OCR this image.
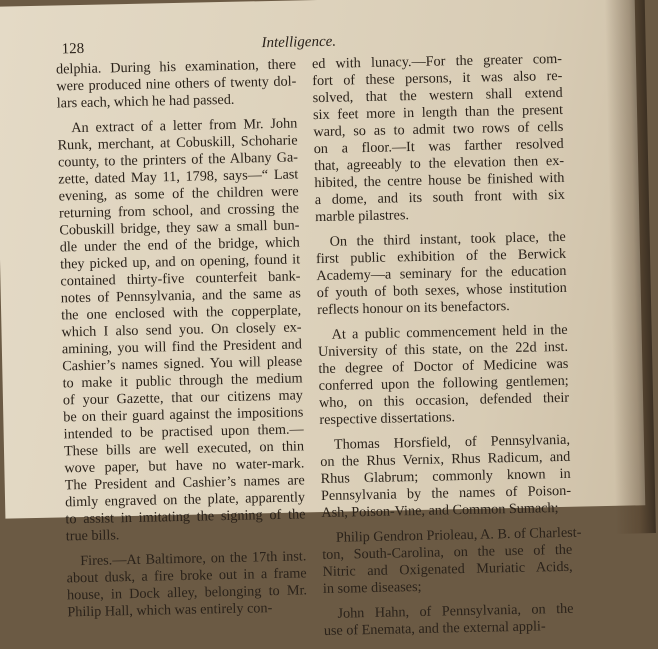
128	Intelligence.

delphia. During his examination, there
were produced nine others of twenty dol-
lars each, which he had passed.

An extract of a letter from Mr. John
Runk, merchant, at Cobuskill, Schoharie
county, to the printers of the Albany Ga-
zette, dated May 11, 1798, says—“ Last
evening, as some of the children were
returning from school, and crossing the
Cobuskill bridge, they saw a small bun-
dle under the end of the bridge, which
they picked up, and on opening, found it
contained thirty-five counterfeit bank-
notes of Pennsylvania, and the same as
the one enclosed with the copperplate,
which I also send you. On closely ex-
amining, you will find the President and
Cashier’s names signed. You will please
to make it public through the medium
of your Gazette, that our citizens may
be on their guard against the impositions
intended to be practised upon them.—
These bills are well executed, on thin
wove paper, but have no water-mark.
The President and Cashier’s names are
dimly engraved on the plate, apparently
to assist in imitating the signing of the
true bills.

Fires.—At Baltimore, on the 17th inst.
about dusk, a fire broke out in a frame
house, in Dock alley, belonging to Mr.
Philip Hall, which was entirely con-

ed with lunacy.—For the greater com-
fort of these persons, it was also re-
solved, that the western shall extend
six feet more in length than the present
ward, so as to admit two rows of cells
on a floor.—It was farther resolved
that, agreeably to the elevation then ex-
hibited, the centre house be finished with
a dome, and its south front with six
marble pilastres.

On the third instant, took place, the
first public exhibition of the Berwick
Academy—a seminary for the education
of youth of both sexes, whose institution
reflects honour on its benefactors.

At a public commencement held in the
University of this state, on the 22d inst.
the degree of Doctor of Medicine was
conferred upon the following gentlemen;
who, on this occasion, defended their
respective dissertations.

Thomas Horsfield, of Pennsylvania,
on the Rhus Vernix, Rhus Radicum, and
Rhus Glabrum; commonly known in
Pennsylvania by the names of Poison-
Ash, Poison-Vine, and Common Sumach;

Philip Gendron Prioleau, A. B. of Charlest-
ton, South-Carolina, on the use of the
Nitric and Oxigenated Muriatic Acids,
in some diseases;

John Hahn, of Pennsylvania, on the
use of Enemata, and the external appli-
